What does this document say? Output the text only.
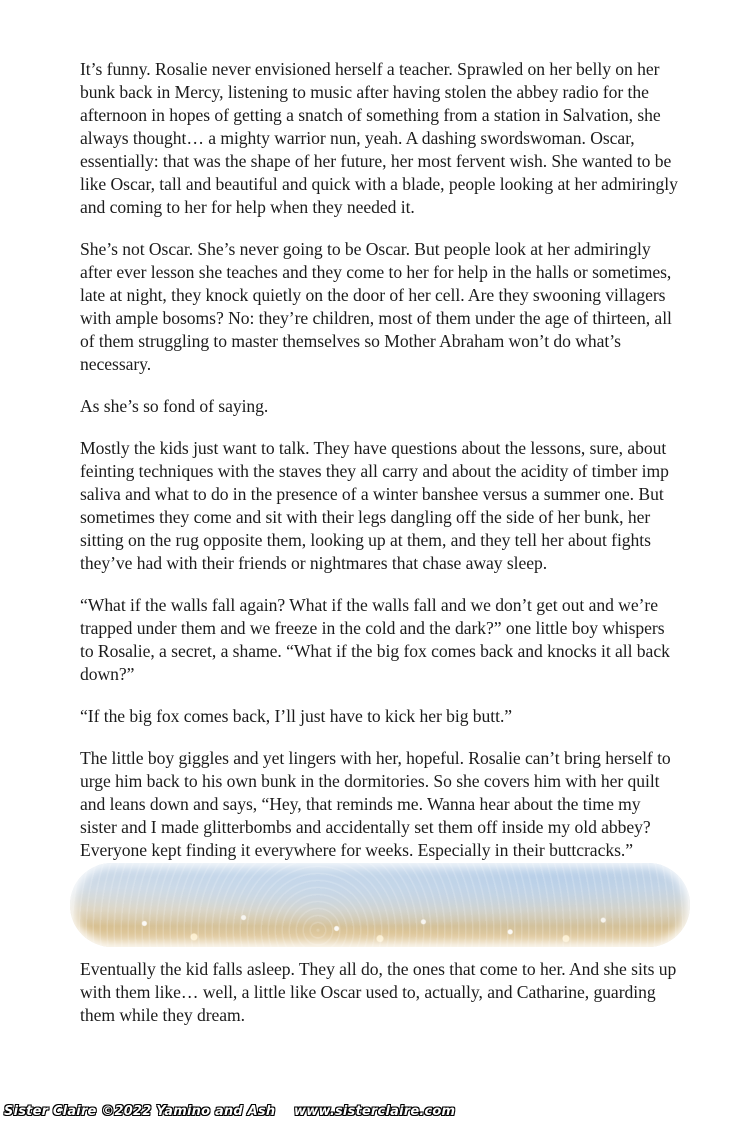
It’s funny. Rosalie never envisioned herself a teacher. Sprawled on her belly on her bunk back in Mercy, listening to music after having stolen the abbey radio for the afternoon in hopes of getting a snatch of something from a station in Salvation, she always thought… a mighty warrior nun, yeah. A dashing swordswoman. Oscar, essentially: that was the shape of her future, her most fervent wish. She wanted to be like Oscar, tall and beautiful and quick with a blade, people looking at her admiringly and coming to her for help when they needed it.

She’s not Oscar. She’s never going to be Oscar. But people look at her admiringly after ever lesson she teaches and they come to her for help in the halls or sometimes, late at night, they knock quietly on the door of her cell. Are they swooning villagers with ample bosoms? No: they’re children, most of them under the age of thirteen, all of them struggling to master themselves so Mother Abraham won’t do what’s necessary.

As she’s so fond of saying.

Mostly the kids just want to talk. They have questions about the lessons, sure, about feinting techniques with the staves they all carry and about the acidity of timber imp saliva and what to do in the presence of a winter banshee versus a summer one. But sometimes they come and sit with their legs dangling off the side of her bunk, her sitting on the rug opposite them, looking up at them, and they tell her about fights they’ve had with their friends or nightmares that chase away sleep.

“What if the walls fall again? What if the walls fall and we don’t get out and we’re trapped under them and we freeze in the cold and the dark?” one little boy whispers to Rosalie, a secret, a shame. “What if the big fox comes back and knocks it all back down?”

“If the big fox comes back, I’ll just have to kick her big butt.”

The little boy giggles and yet lingers with her, hopeful. Rosalie can’t bring herself to urge him back to his own bunk in the dormitories. So she covers him with her quilt and leans down and says, “Hey, that reminds me. Wanna hear about the time my sister and I made glitterbombs and accidentally set them off inside my old abbey? Everyone kept finding it everywhere for weeks. Especially in their buttcracks.”

Eventually the kid falls asleep. They all do, the ones that come to her. And she sits up with them like… well, a little like Oscar used to, actually, and Catharine, guarding them while they dream.

Sister Claire ©2022 Yamino and Ash www.sisterclaire.com
